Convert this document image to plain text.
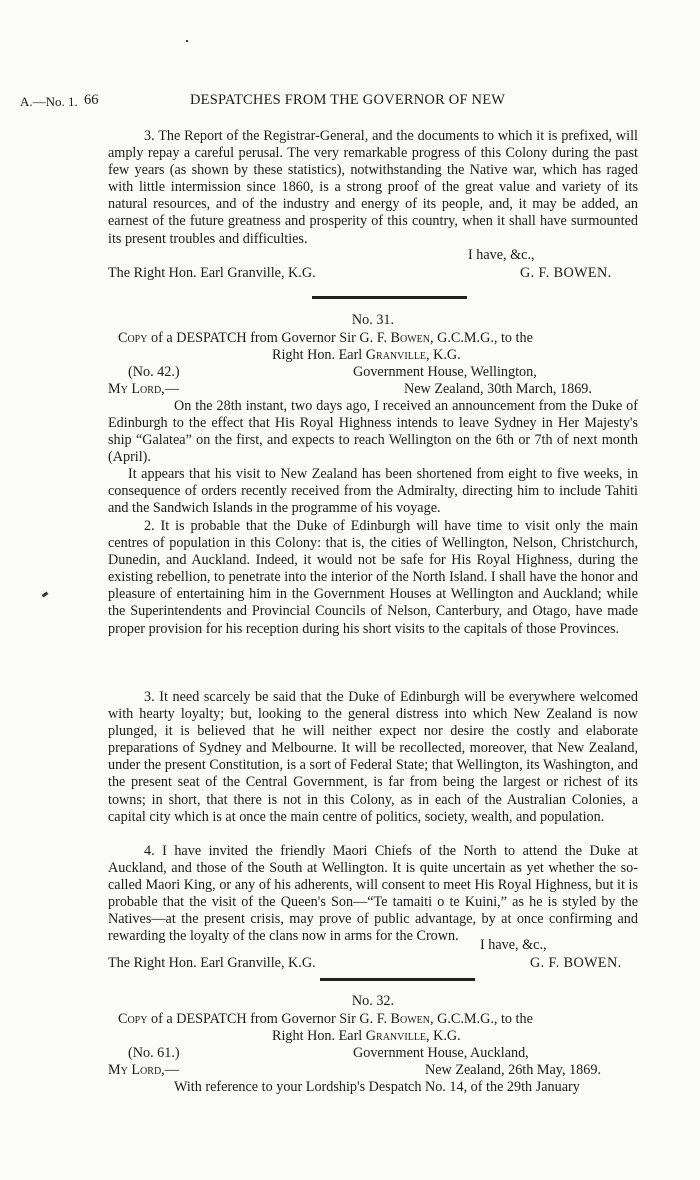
A.—No. 1. 66	DESPATCHES FROM THE GOVERNOR OF NEW

3. The Report of the Registrar-General, and the documents to which it is prefixed, will amply repay a careful perusal. The very remarkable progress of this Colony during the past few years (as shown by these statistics), notwithstanding the Native war, which has raged with little intermission since 1860, is a strong proof of the great value and variety of its natural resources, and of the industry and energy of its people, and, it may be added, an earnest of the future greatness and prosperity of this country, when it shall have surmounted its present troubles and difficulties.

I have, &c.,
The Right Hon. Earl Granville, K.G.	G. F. BOWEN.
No. 31.
Copy of a DESPATCH from Governor Sir G. F. Bowen, G.C.M.G., to the
Right Hon. Earl Granville, K.G.
(No. 42.)	Government House, Wellington,
My Lord,—	New Zealand, 30th March, 1869.

On the 28th instant, two days ago, I received an announcement from the Duke of Edinburgh to the effect that His Royal Highness intends to leave Sydney in Her Majesty's ship “Galatea” on the first, and expects to reach Wellington on the 6th or 7th of next month (April).

It appears that his visit to New Zealand has been shortened from eight to five weeks, in consequence of orders recently received from the Admiralty, directing him to include Tahiti and the Sandwich Islands in the programme of his voyage.

2. It is probable that the Duke of Edinburgh will have time to visit only the main centres of population in this Colony: that is, the cities of Wellington, Nelson, Christchurch, Dunedin, and Auckland. Indeed, it would not be safe for His Royal Highness, during the existing rebellion, to penetrate into the interior of the North Island. I shall have the honor and pleasure of entertaining him in the Government Houses at Wellington and Auckland; while the Superintendents and Provincial Councils of Nelson, Canterbury, and Otago, have made proper provision for his reception during his short visits to the capitals of those Provinces.

3. It need scarcely be said that the Duke of Edinburgh will be everywhere welcomed with hearty loyalty; but, looking to the general distress into which New Zealand is now plunged, it is believed that he will neither expect nor desire the costly and elaborate preparations of Sydney and Melbourne. It will be recollected, moreover, that New Zealand, under the present Constitution, is a sort of Federal State; that Wellington, its Washington, and the present seat of the Central Government, is far from being the largest or richest of its towns; in short, that there is not in this Colony, as in each of the Australian Colonies, a capital city which is at once the main centre of politics, society, wealth, and population.

4. I have invited the friendly Maori Chiefs of the North to attend the Duke at Auckland, and those of the South at Wellington. It is quite uncertain as yet whether the so-called Maori King, or any of his adherents, will consent to meet His Royal Highness, but it is probable that the visit of the Queen's Son—“Te tamaiti o te Kuini,” as he is styled by the Natives—at the present crisis, may prove of public advantage, by at once confirming and rewarding the loyalty of the clans now in arms for the Crown.

I have, &c.,
The Right Hon. Earl Granville, K.G.	G. F. BOWEN.
No. 32.
Copy of a DESPATCH from Governor Sir G. F. Bowen, G.C.M.G., to the
Right Hon. Earl Granville, K.G.
(No. 61.)	Government House, Auckland,
My Lord,—	New Zealand, 26th May, 1869.
With reference to your Lordship's Despatch No. 14, of the 29th January
